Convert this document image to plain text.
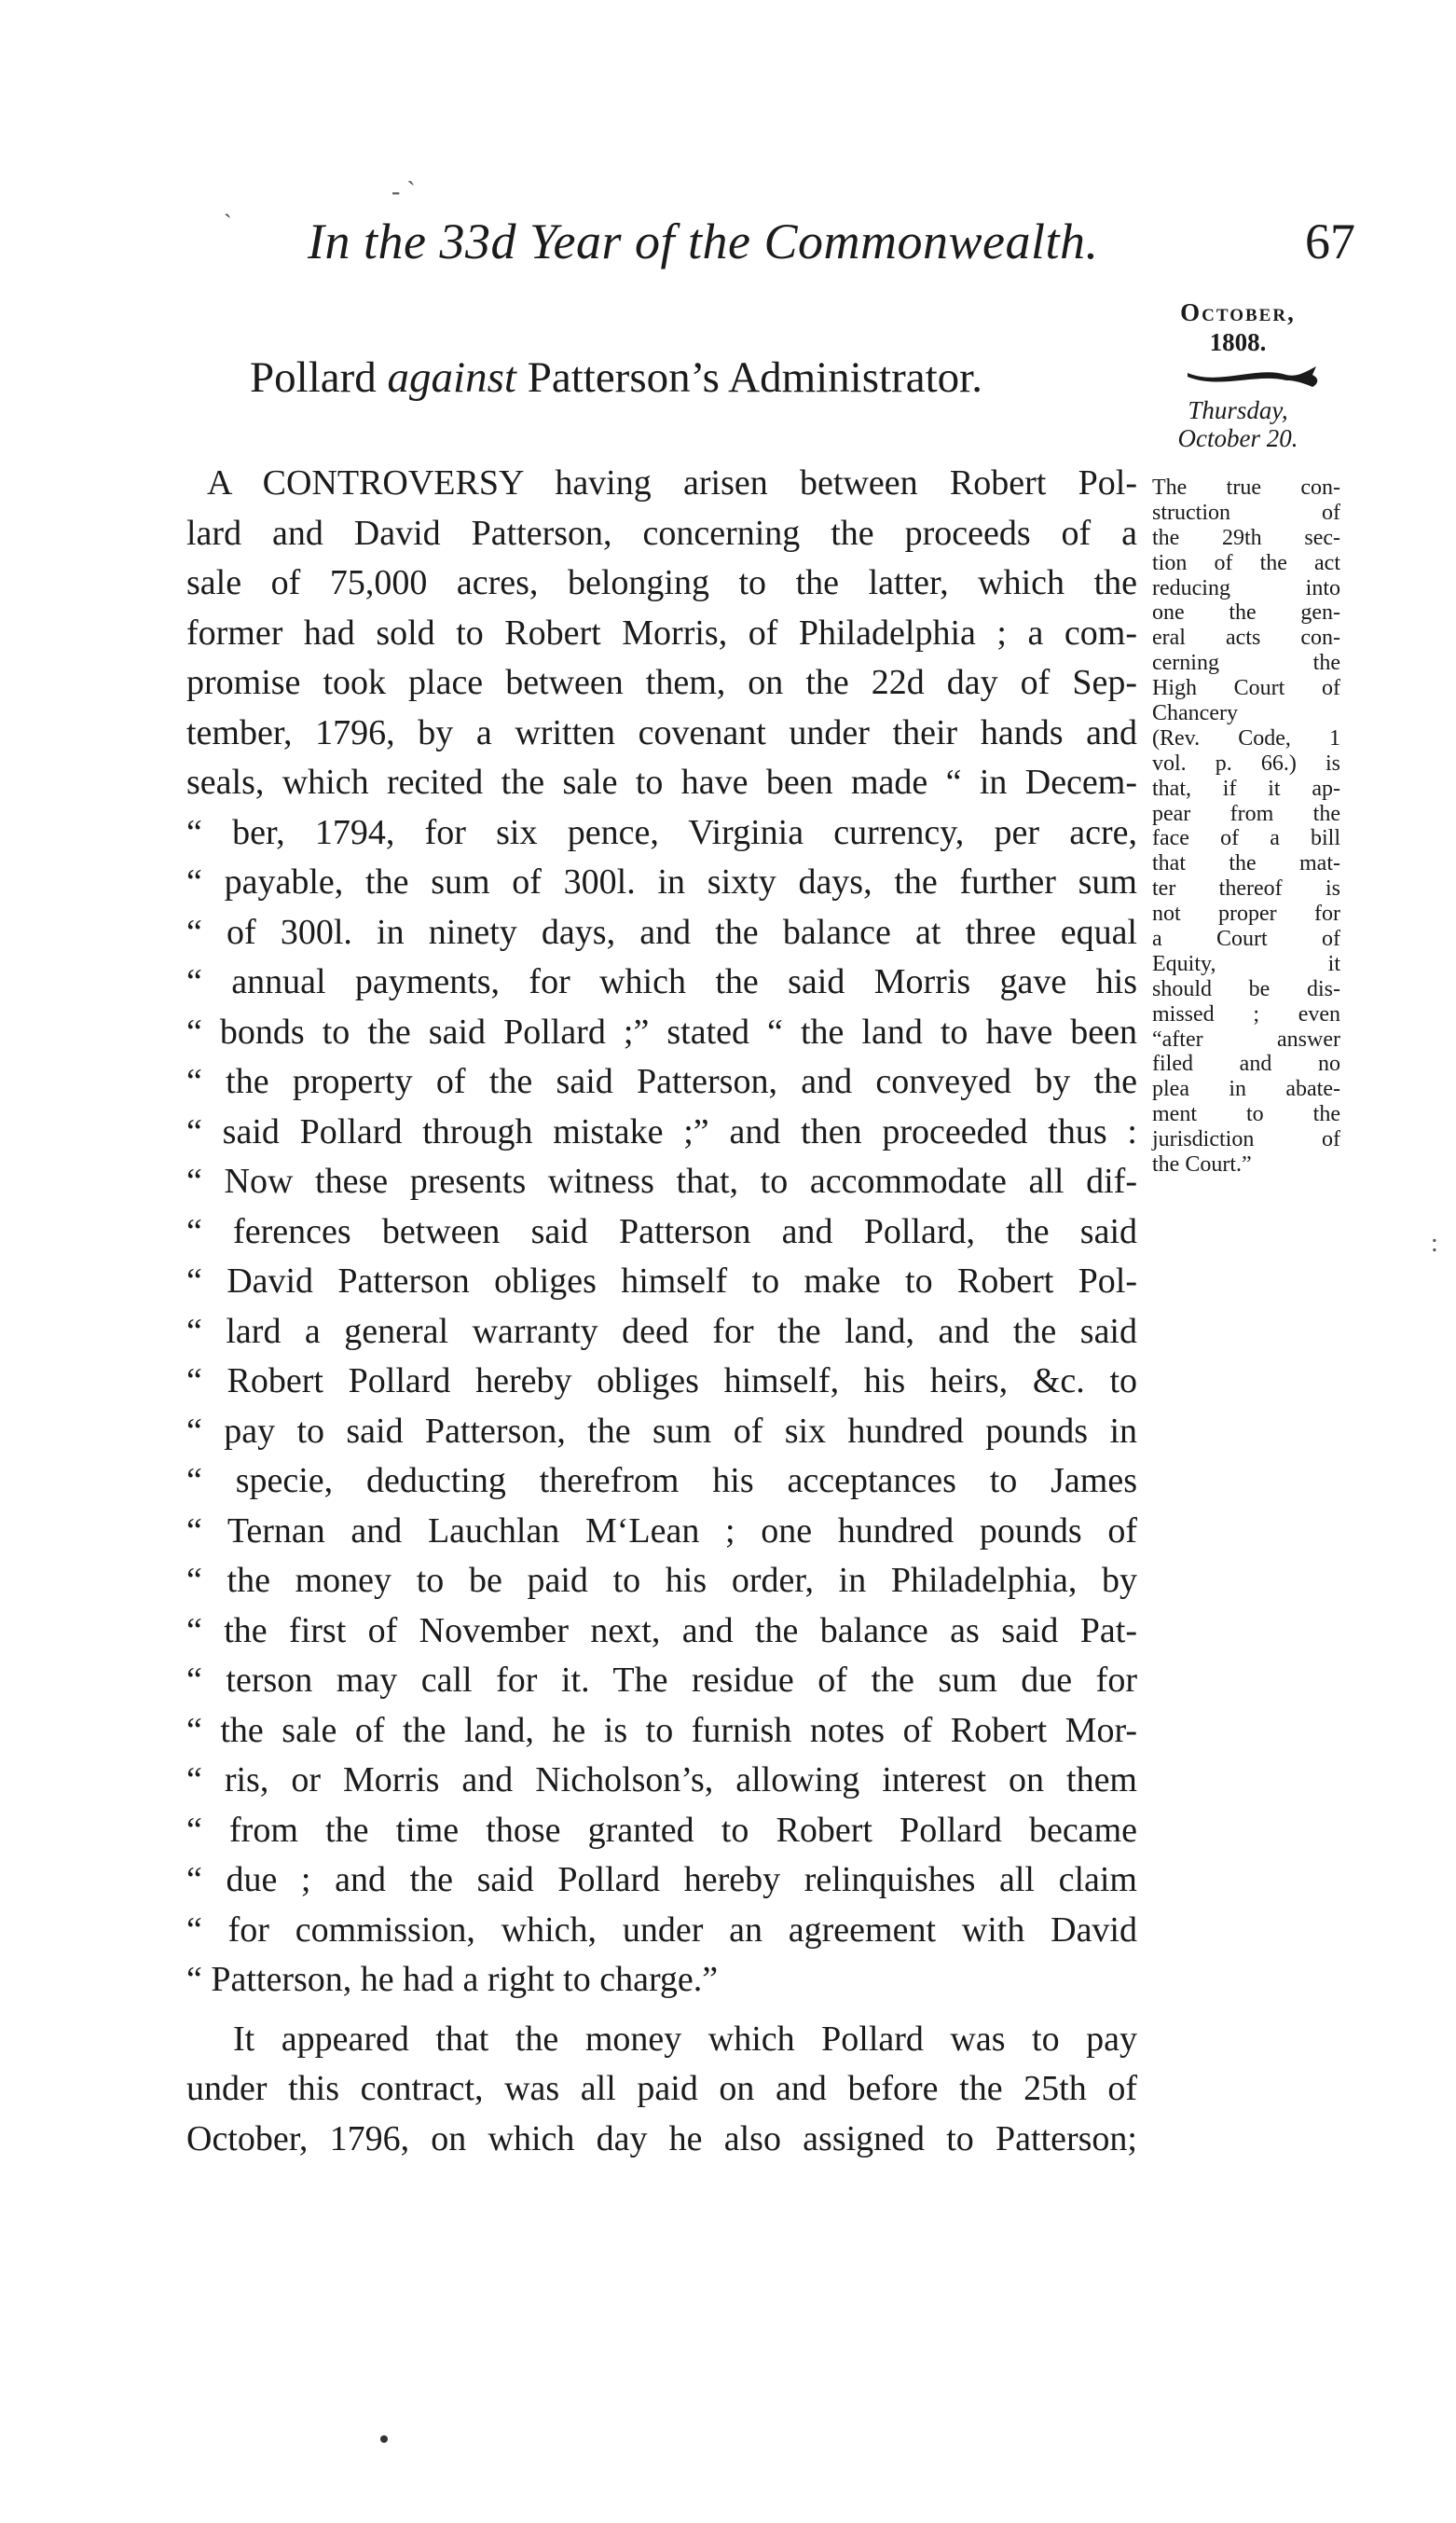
- `
` In the 33d Year of the Commonwealth.	67
October,
1808.
Thursday,
October 20.
Pollard against Patterson’s Administrator.
A CONTROVERSY having arisen between Robert Pol-
lard and David Patterson, concerning the proceeds of a
sale of 75,000 acres, belonging to the latter, which the
former had sold to Robert Morris, of Philadelphia ; a com-
promise took place between them, on the 22d day of Sep-
tember, 1796, by a written covenant under their hands and
seals, which recited the sale to have been made “ in Decem-
“ ber, 1794, for six pence, Virginia currency, per acre,
“ payable, the sum of 300l. in sixty days, the further sum
“ of 300l. in ninety days, and the balance at three equal
“ annual payments, for which the said Morris gave his
“ bonds to the said Pollard ;” stated “ the land to have been
“ the property of the said Patterson, and conveyed by the
“ said Pollard through mistake ;” and then proceeded thus :
“ Now these presents witness that, to accommodate all dif-
“ ferences between said Patterson and Pollard, the said
“ David Patterson obliges himself to make to Robert Pol-
“ lard a general warranty deed for the land, and the said
“ Robert Pollard hereby obliges himself, his heirs, &c. to
“ pay to said Patterson, the sum of six hundred pounds in
“ specie, deducting therefrom his acceptances to James
“ Ternan and Lauchlan M‘Lean ; one hundred pounds of
“ the money to be paid to his order, in Philadelphia, by
“ the first of November next, and the balance as said Pat-
“ terson may call for it. The residue of the sum due for
“ the sale of the land, he is to furnish notes of Robert Mor-
“ ris, or Morris and Nicholson’s, allowing interest on them
“ from the time those granted to Robert Pollard became
“ due ; and the said Pollard hereby relinquishes all claim
“ for commission, which, under an agreement with David
“ Patterson, he had a right to charge.”
It appeared that the money which Pollard was to pay
under this contract, was all paid on and before the 25th of
October, 1796, on which day he also assigned to Patterson;
The true con-
struction of
the 29th sec-
tion of the act
reducing into
one the gen-
eral acts con-
cerning the
High Court of
Chancery
(Rev. Code, 1
vol. p. 66.) is
that, if it ap-
pear from the
face of a bill
that the mat-
ter thereof is
not proper for
a Court of
Equity, it
should be dis-
missed ; even
“after answer
filed and no
plea in abate-
ment to the
jurisdiction of
the Court.”
:
